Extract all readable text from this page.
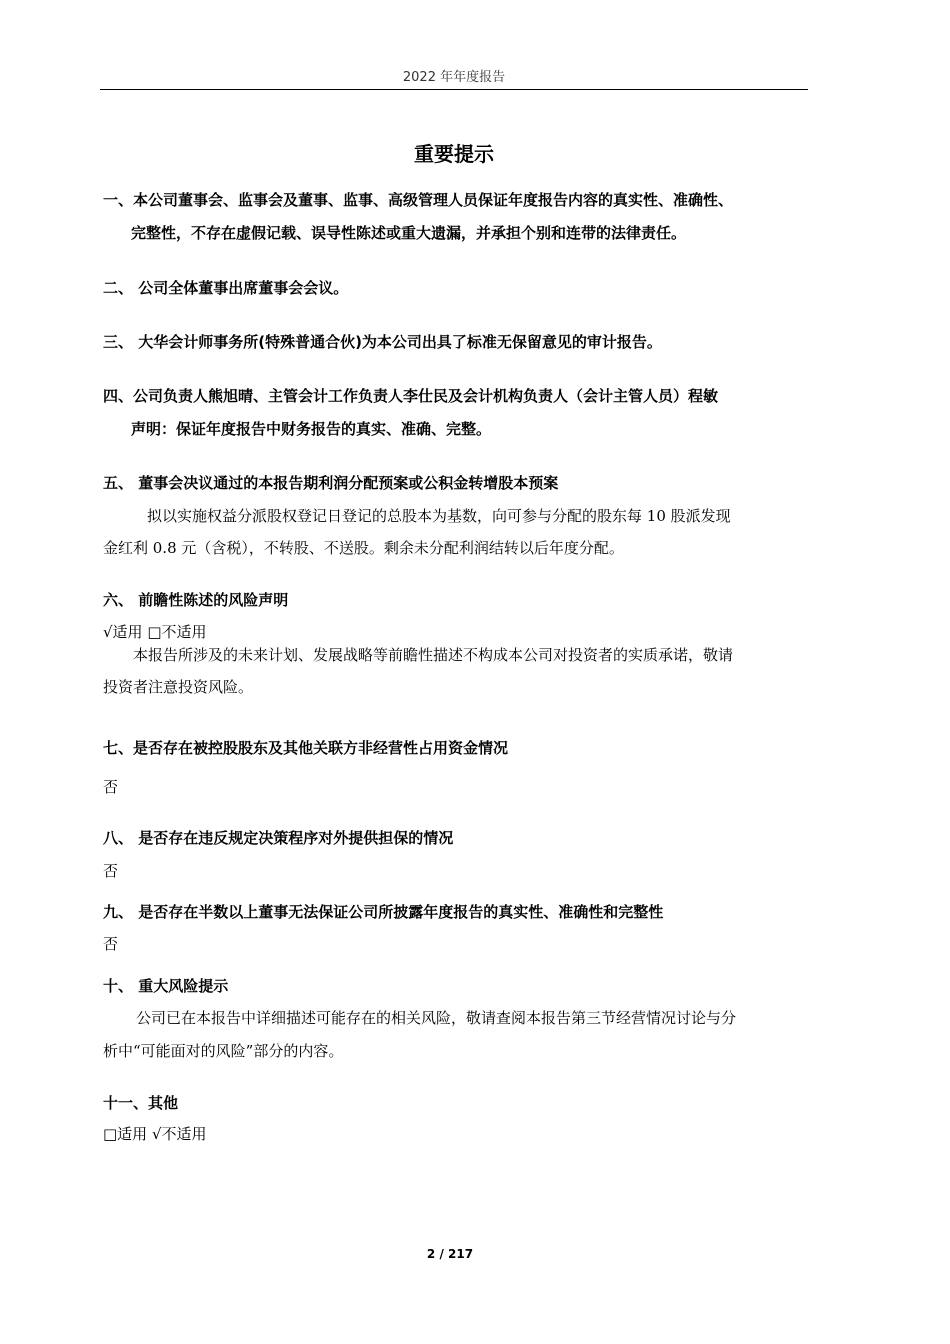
2022 年年度报告
重要提示
一、本公司董事会、监事会及董事、监事、高级管理人员保证年度报告内容的真实性、准确性、
完整性，不存在虚假记载、误导性陈述或重大遗漏，并承担个别和连带的法律责任。
二、 公司全体董事出席董事会会议。
三、 大华会计师事务所(特殊普通合伙)为本公司出具了标准无保留意见的审计报告。
四、公司负责人熊旭晴、主管会计工作负责人李仕民及会计机构负责人（会计主管人员）程敏
声明：保证年度报告中财务报告的真实、准确、完整。
五、 董事会决议通过的本报告期利润分配预案或公积金转增股本预案
拟以实施权益分派股权登记日登记的总股本为基数，向可参与分配的股东每 10 股派发现
金红利 0.8 元（含税），不转股、不送股。剩余未分配利润结转以后年度分配。
六、 前瞻性陈述的风险声明
√适用 □不适用
本报告所涉及的未来计划、发展战略等前瞻性描述不构成本公司对投资者的实质承诺，敬请
投资者注意投资风险。
七、是否存在被控股股东及其他关联方非经营性占用资金情况
否
八、 是否存在违反规定决策程序对外提供担保的情况
否
九、 是否存在半数以上董事无法保证公司所披露年度报告的真实性、准确性和完整性
否
十、 重大风险提示
公司已在本报告中详细描述可能存在的相关风险，敬请查阅本报告第三节经营情况讨论与分
析中“可能面对的风险”部分的内容。
十一、其他
□适用 √不适用
2 / 217
